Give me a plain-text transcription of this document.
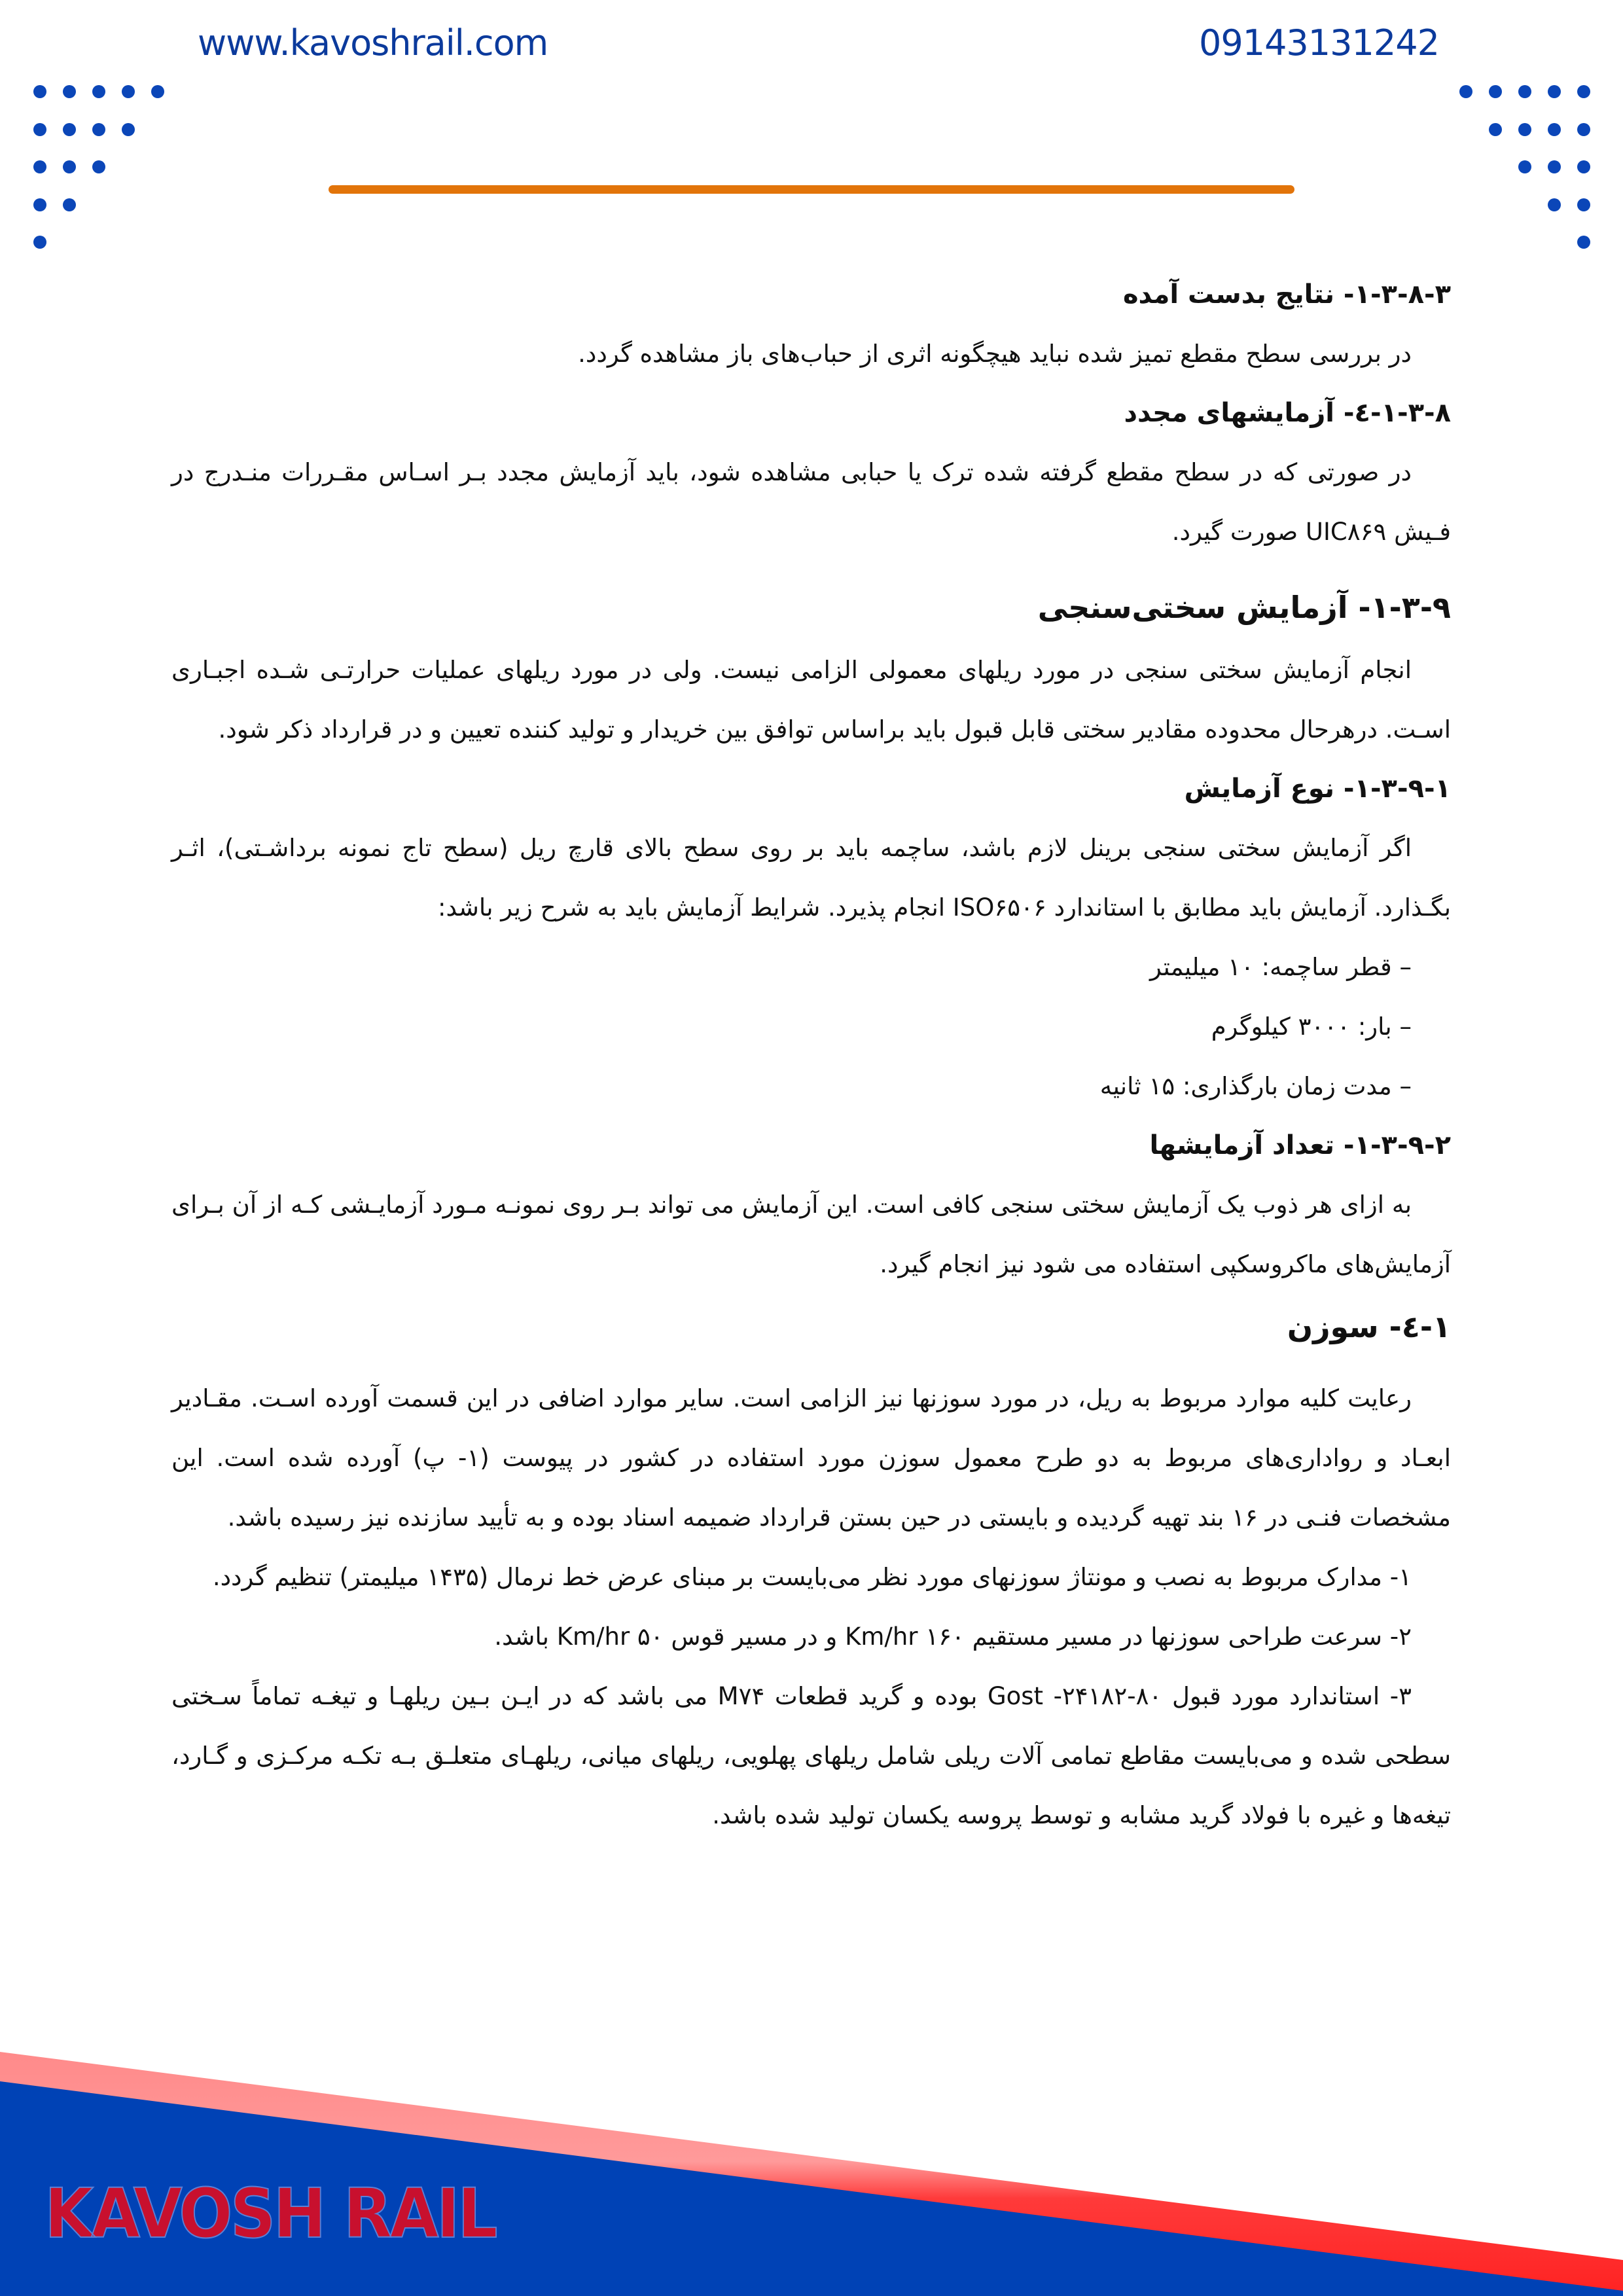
www.kavoshrail.com	09143131242
۱-۳-۸-۳- نتایج بدست آمده

در بررسی سطح مقطع تمیز شده نباید هیچگونه اثری از حباب‌های باز مشاهده گردد.

۱-۳-۸-٤- آزمایشهای مجدد

در صورتی که در سطح مقطع گرفته شده ترک یا حبابی مشاهده شود، باید آزمایش مجدد بـر اسـاس مقـررات منـدرج در فـیش UIC۸۶۹ صورت گیرد.

۱-۳-۹- آزمایش سختی‌سنجی

انجام آزمایش سختی سنجی در مورد ریلهای معمولی الزامی نیست. ولی در مورد ریلهای عملیات حرارتـی شـده اجبـاری اسـت. درهرحال محدوده مقادیر سختی قابل قبول باید براساس توافق بین خریدار و تولید کننده تعیین و در قرارداد ذکر شود.

۱-۳-۹-۱- نوع آزمایش

اگر آزمایش سختی سنجی برینل لازم باشد، ساچمه باید بر روی سطح بالای قارچ ریل (سطح تاج نمونه برداشـتی)، اثـر بگـذارد. آزمایش باید مطابق با استاندارد ISO۶۵۰۶ انجام پذیرد. شرایط آزمایش باید به شرح زیر باشد:

– قطر ساچمه: ۱۰ میلیمتر

– بار: ۳۰۰۰ کیلوگرم

– مدت زمان بارگذاری: ۱۵ ثانیه

۱-۳-۹-۲- تعداد آزمایشها

به ازای هر ذوب یک آزمایش سختی سنجی کافی است. این آزمایش می تواند بـر روی نمونـه مـورد آزمایـشی کـه از آن بـرای آزمایش‌های ماکروسکپی استفاده می شود نیز انجام گیرد.

۱-٤- سوزن

رعایت کلیه موارد مربوط به ریل، در مورد سوزنها نیز الزامی است. سایر موارد اضافی در این قسمت آورده اسـت. مقـادیر ابعـاد و رواداری‌های مربوط به دو طرح معمول سوزن مورد استفاده در کشور در پیوست (۱- پ) آورده شده است. این مشخصات فنـی در ۱۶ بند تهیه گردیده و بایستی در حین بستن قرارداد ضمیمه اسناد بوده و به تأیید سازنده نیز رسیده باشد.

۱- مدارک مربوط به نصب و مونتاژ سوزنهای مورد نظر می‌بایست بر مبنای عرض خط نرمال (۱۴۳۵ میلیمتر) تنظیم گردد.

۲- سرعت طراحی سوزنها در مسیر مستقیم ۱۶۰ Km/hr و در مسیر قوس ۵۰ Km/hr باشد.

۳- استاندارد مورد قبول ۸۰-۲۴۱۸۲- Gost بوده و گرید قطعات M۷۴ می باشد که در ایـن بـین ریلهـا و تیغـه تماماً سـختی سطحی شده و می‌بایست مقاطع تمامی آلات ریلی شامل ریلهای پهلویی، ریلهای میانی، ریلهـای متعلـق بـه تکـه مرکـزی و گـارد، تیغه‌ها و غیره با فولاد گرید مشابه و توسط پروسه یکسان تولید شده باشد.

KAVOSH RAIL
